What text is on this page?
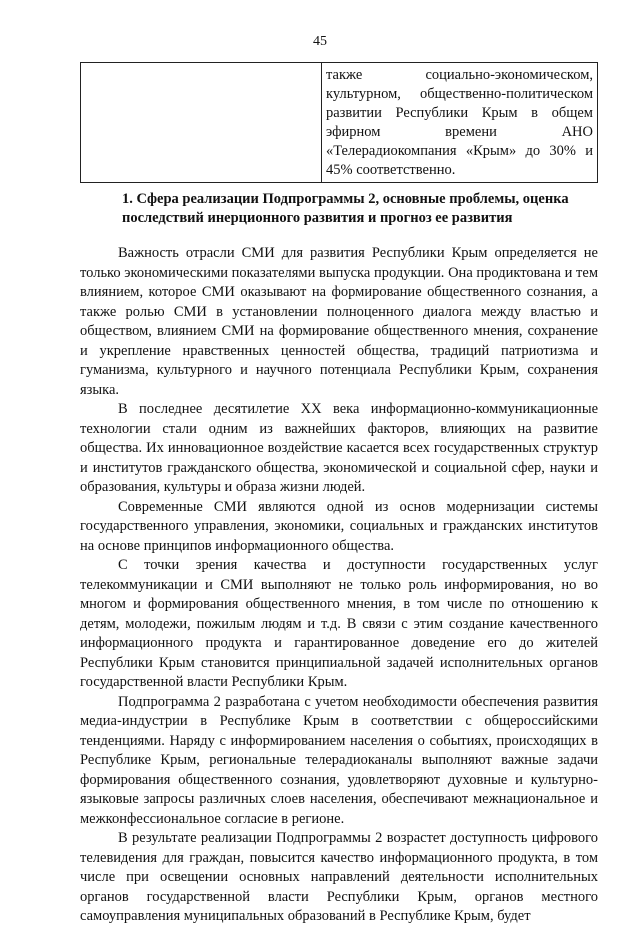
45
	также социально-экономическом, культурном, общественно-политическом развитии Республики Крым в общем эфирном времени АНО «Телерадиокомпания «Крым» до 30% и 45% соответственно.
1. Сфера реализации Подпрограммы 2, основные проблемы, оценка последствий инерционного развития и прогноз ее развития

Важность отрасли СМИ для развития Республики Крым определяется не только экономическими показателями выпуска продукции. Она продиктована и тем влиянием, которое СМИ оказывают на формирование общественного сознания, а также ролью СМИ в установлении полноценного диалога между властью и обществом, влиянием СМИ на формирование общественного мнения, сохранение и укрепление нравственных ценностей общества, традиций патриотизма и гуманизма, культурного и научного потенциала Республики Крым, сохранения языка.

В последнее десятилетие XX века информационно-коммуникационные технологии стали одним из важнейших факторов, влияющих на развитие общества. Их инновационное воздействие касается всех государственных структур и институтов гражданского общества, экономической и социальной сфер, науки и образования, культуры и образа жизни людей.

Современные СМИ являются одной из основ модернизации системы государственного управления, экономики, социальных и гражданских институтов на основе принципов информационного общества.

С точки зрения качества и доступности государственных услуг телекоммуникации и СМИ выполняют не только роль информирования, но во многом и формирования общественного мнения, в том числе по отношению к детям, молодежи, пожилым людям и т.д. В связи с этим создание качественного информационного продукта и гарантированное доведение его до жителей Республики Крым становится принципиальной задачей исполнительных органов государственной власти Республики Крым.

Подпрограмма 2 разработана с учетом необходимости обеспечения развития медиа-индустрии в Республике Крым в соответствии с общероссийскими тенденциями. Наряду с информированием населения о событиях, происходящих в Республике Крым, региональные телерадиоканалы выполняют важные задачи формирования общественного сознания, удовлетворяют духовные и культурно-языковые запросы различных слоев населения, обеспечивают межнациональное и межконфессиональное согласие в регионе.

В результате реализации Подпрограммы 2 возрастет доступность цифрового телевидения для граждан, повысится качество информационного продукта, в том числе при освещении основных направлений деятельности исполнительных органов государственной власти Республики Крым, органов местного самоуправления муниципальных образований в Республике Крым, будет
